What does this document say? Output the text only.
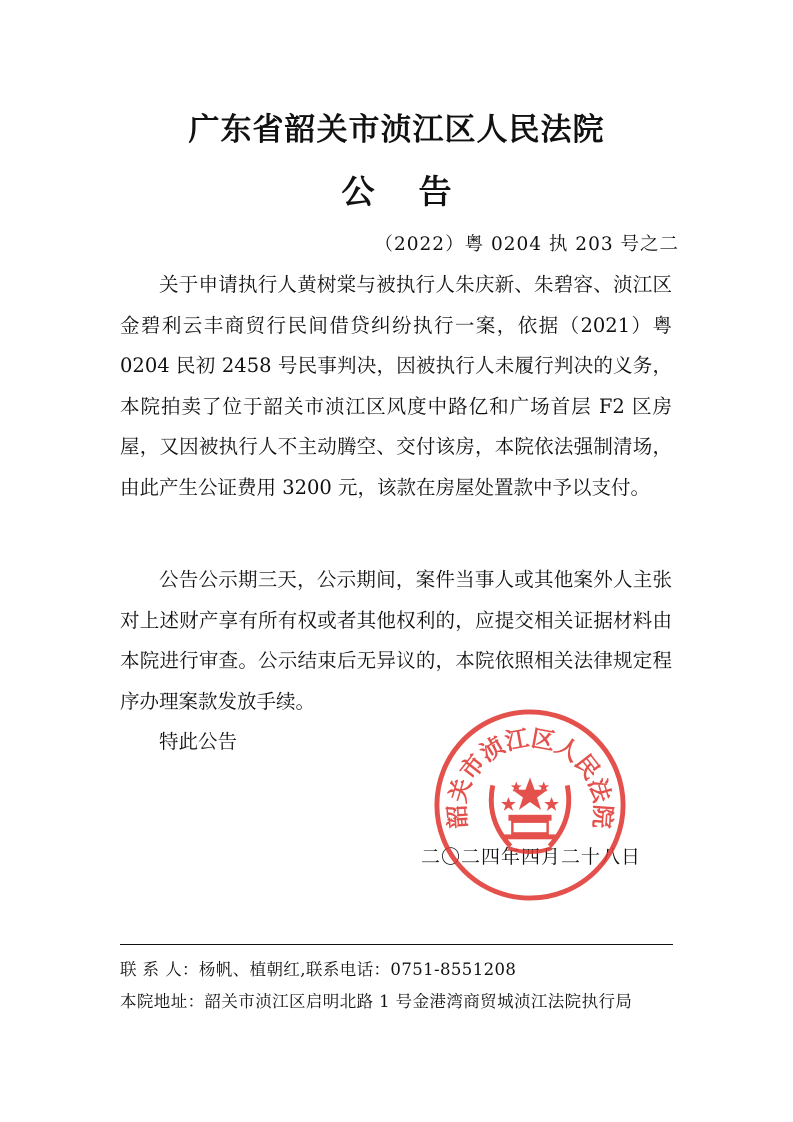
广东省韶关市浈江区人民法院
公告
（2022）粤 0204 执 203 号之二

关于申请执行人黄树棠与被执行人朱庆新、朱碧容、浈江区金碧利云丰商贸行民间借贷纠纷执行一案，依据（2021）粤 0204 民初 2458 号民事判决，因被执行人未履行判决的义务，本院拍卖了位于韶关市浈江区风度中路亿和广场首层 F2 区房屋，又因被执行人不主动腾空、交付该房，本院依法强制清场，由此产生公证费用 3200 元，该款在房屋处置款中予以支付。

公告公示期三天，公示期间，案件当事人或其他案外人主张对上述财产享有所有权或者其他权利的，应提交相关证据材料由本院进行审查。公示结束后无异议的，本院依照相关法律规定程序办理案款发放手续。

特此公告

二〇二四年四月二十八日
韶关市浈江区人民法院
联 系 人：杨帆、植朝红,联系电话：0751-8551208
本院地址：韶关市浈江区启明北路 1 号金港湾商贸城浈江法院执行局
